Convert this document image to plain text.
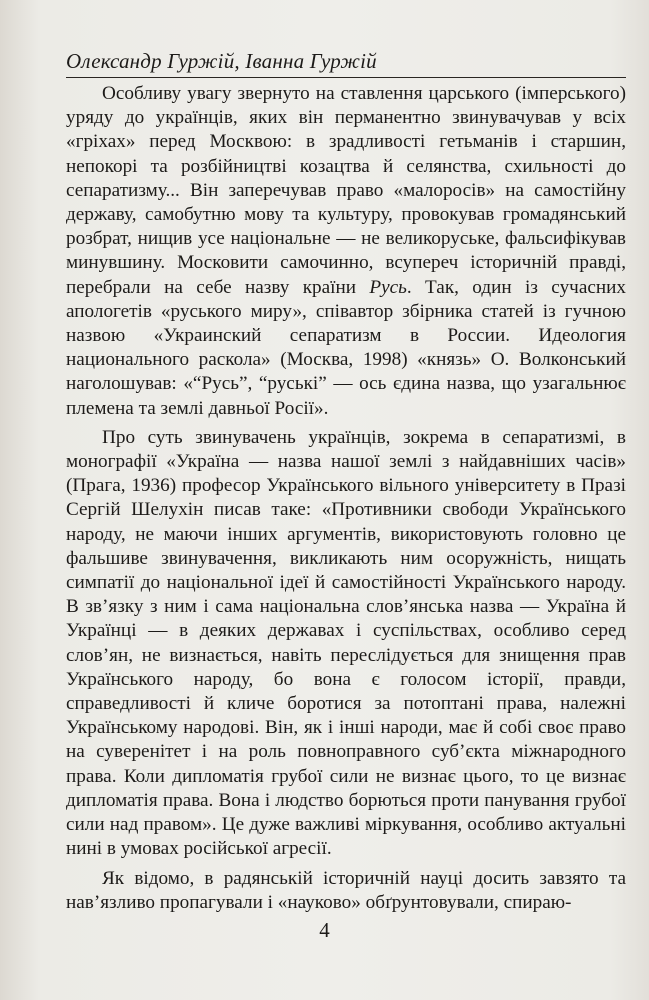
Олександр Гуржій, Іванна Гуржій

Особливу увагу звернуто на ставлення царського (імперського) уряду до українців, яких він перманентно звинувачував у всіх «гріхах» перед Москвою: в зрадливості гетьманів і старшин, непокорі та розбійництві козацтва й селянства, схильності до сепаратизму... Він заперечував право «малоросів» на самостійну державу, самобутню мову та культуру, провокував громадянський розбрат, нищив усе національне — не великоруське, фальсифікував минувшину. Московити самочинно, всупереч історичній правді, перебрали на себе назву країни Русь. Так, один із сучасних апологетів «руського миру», співавтор збірника статей із гучною назвою «Украинский сепаратизм в России. Идеология национального раскола» (Москва, 1998) «князь» О. Волконський наголошував: «“Русь”, “руські” — ось єдина назва, що узагальнює племена та землі давньої Росії».

Про суть звинувачень українців, зокрема в сепаратизмі, в монографії «Україна — назва нашої землі з найдавніших часів» (Прага, 1936) професор Українського вільного університету в Празі Сергій Шелухін писав таке: «Противники свободи Українського народу, не маючи інших аргументів, використовують головно це фальшиве звинувачення, викликають ним осоружність, нищать симпатії до національної ідеї й самостійності Українського народу. В зв’язку з ним і сама національна слов’янська назва — Україна й Українці — в деяких державах і суспільствах, особливо серед слов’ян, не визнається, навіть переслідується для знищення прав Українського народу, бо вона є голосом історії, правди, справедливості й кличе боротися за потоптані права, належні Українському народові. Він, як і інші народи, має й собі своє право на суверенітет і на роль повноправного суб’єкта міжнародного права. Коли дипломатія грубої сили не визнає цього, то це визнає дипломатія права. Вона і людство борються проти панування грубої сили над правом». Це дуже важливі міркування, особливо актуальні нині в умовах російської агресії.

Як відомо, в радянській історичній науці досить завзято та нав’язливо пропагували і «науково» обґрунтовували, спираю-

4
